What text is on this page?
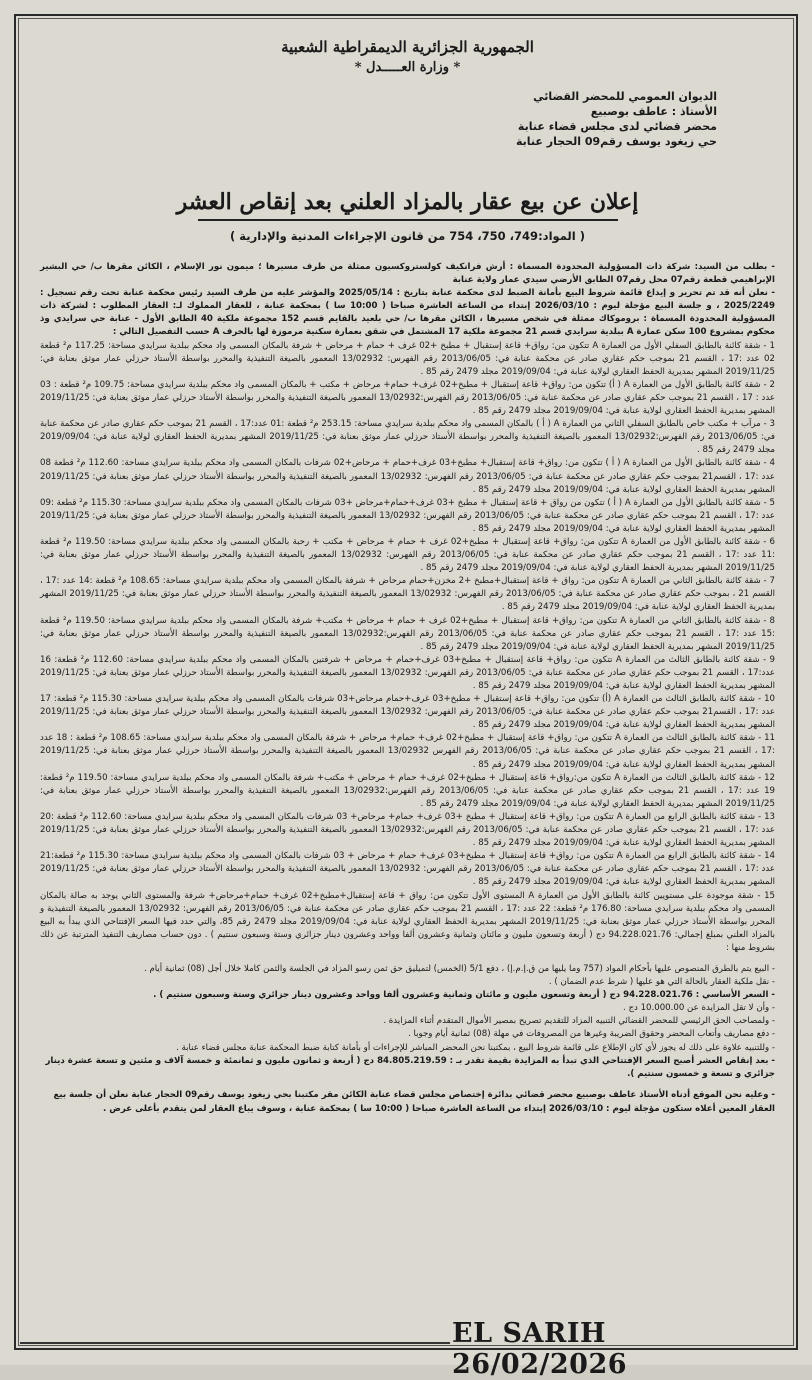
الجمهورية الجزائرية الديمقراطية الشعبية
* وزارة العـــــدل *
الديوان العمومي للمحضر القضائي
الأستاذ : عاطف بوصبيع
محضر قضائي لدى مجلس قضاء عنابة
حي زيغود يوسف رقم09 الحجار عنابة
إعلان عن بيع عقار بالمزاد العلني بعد إنقاص العشر
( المواد:749، 750، 754 من قانون الإجراءات المدنية والإدارية )

- بطلب من السيد: شركة ذات المسؤولية المحدودة المسماة : أرش فرانكيف كولستروكسيون ممثلة من طرف مسيرها ؛ ميمون نور الإسلام ، الكائن مقرها ب/ حي البشير الإبراهيمي قطعة رقم07 محل رقم07 الطابق الأرضي سيدي عمار ولاية عنابة

- نعلن أنه قد تم تحرير و إيداع قائمة شروط البيع بأمانة الضبط لدى محكمة عنابة بتاريخ : 2025/05/14 والمؤشر عليه من طرف السيد رئيس محكمة عنابة تحت رقم تسجيل : 2025/2249 ، و جلسة البيع مؤجلة ليوم : 2026/03/10 إبتداء من الساعة العاشرة صباحا ( 10:00 سا ) بمحكمة عنابة ، للعقار المملوك لـ: العقار المطلوب : لشركة ذات المسؤولية المحدودة المسماة : بروموكاك ممثلة في شخص مسيرها ، الكائن مقرها ب/ حي بلعيد بالقايم قسم 152 مجموعة ملكية 40 الطابق الأول - عنابة حي سرايدي وذ محكوم بمشروع 100 سكن عمارة A ببلدية سرايدي قسم 21 مجموعة ملكية 17 المشتمل في شقق بعمارة سكنية مرموزة لها بالحرف A حسب التفصيل التالي :

1 - شقة كائنة بالطابق السفلي الأول من العمارة A تتكون من: رواق+ قاعة إستقبال + مطبخ +02 غرف + حمام + مرحاض + شرفة بالمكان المسمى واد محكم ببلدية سرايدي مساحة: 117.25 م² قطعة 02 عدد :17 ، القسم 21 بموجب حكم عقاري صادر عن محكمة عنابة في: 2013/06/05 رقم الفهرس: 13/02932 المعمور بالصيغة التنفيذية والمحرر بواسطة الأستاذ حرزلي عمار موثق بعنابة في: 2019/11/25 المشهر بمديرية الحفظ العقاري لولاية عنابة في: 2019/09/04 مجلد 2479 رقم 85 .
2 - شقة كائنة بالطابق الأول من العمارة A ( أ) تتكون من: رواق+ قاعة إستقبال + مطبخ+02 غرف+ حمام+ مرحاض + مكتب + بالمكان المسمى واد محكم ببلدية سرايدي مساحة: 109.75 م² قطعة : 03 عدد : 17 ، القسم 21 بموجب حكم عقاري صادر عن محكمة عنابة في: 2013/06/05 رقم الفهرس:13/02932 المعمور بالصيغة التنفيذية والمحرر بواسطة الأستاذ حرزلي عمار موثق بعنابة في: 2019/11/25 المشهر بمديرية الحفظ العقاري لولاية عنابة في: 2019/09/04 مجلد 2479 رقم 85 .
3 - مرآب + مكتب خاص بالطابق السفلي الثاني من العمارة A ( أ ) بالمكان المسمى واد محكم ببلدية سرايدي مساحة: 253.15 م² قطعة :01 عدد:17 ، القسم 21 بموجب حكم عقاري صادر عن محكمة عنابة في: 2013/06/05 رقم الفهرس:13/02932 المعمور بالصيغة التنفيذية والمحرر بواسطة الأستاذ حرزلي عمار موثق بعنابة في: 2019/11/25 المشهر بمديرية الحفظ العقاري لولاية عنابة في: 2019/09/04 مجلد 2479 رقم 85 .
4 - شقة كائنة بالطابق الأول من العمارة A ( أ ) تتكون من: رواق+ قاعة إستقبال+ مطبخ+03 غرف+حمام + مرحاض+02 شرفات بالمكان المسمى واد محكم ببلدية سرايدي مساحة: 112.60 م² قطعة 08 عدد :17 ، القسم21 بموجب حكم عقاري صادر عن محكمة عنابة في: 2013/06/05 رقم الفهرس: 13/02932 المعمور بالصيغة التنفيذية والمحرر بواسطة الأستاذ حرزلي عمار موثق بعنابة في: 2019/11/25 المشهر بمديرية الحفظ العقاري لولاية عنابة في: 2019/09/04 مجلد 2479 رقم 85 .
5 - شقة كائنة بالطابق الأول من العمارة A ( أ ) تتكون من رواق + قاعة إستقبال + مطبخ +03 غرف+حمام+مرحاض +03 شرفات بالمكان المسمى واد محكم ببلدية سرايدي مساحة: 115.30 م² قطعة :09 عدد :17 ، القسم 21 بموجب حكم عقاري صادر عن محكمة عنابة في: 2013/06/05 رقم الفهرس: 13/02932 المعمور بالصيغة التنفيذية والمحرر بواسطة الأستاذ حرزلي عمار موثق بعنابة في: 2019/11/25 المشهر بمديرية الحفظ العقاري لولاية عنابة في: 2019/09/04 مجلد 2479 رقم 85 .
6 - شقة كائنة بالطابق الأول من العمارة A تتكون من: رواق+ قاعة إستقبال + مطبخ+02 غرف + حمام + مرحاض + مكتب + رحبة بالمكان المسمى واد محكم ببلدية سرايدي مساحة: 119.50 م² قطعة :11 عدد :17 ، القسم 21 بموجب حكم عقاري صادر عن محكمة عنابة في: 2013/06/05 رقم الفهرس: 13/02932 المعمور بالصيغة التنفيذية والمحرر بواسطة الأستاذ حرزلي عمار موثق بعنابة في: 2019/11/25 المشهر بمديرية الحفظ العقاري لولاية عنابة في: 2019/09/04 مجلد 2479 رقم 85 .
7 - شقة كائنة بالطابق الثاني من العمارة A تتكون من: رواق + قاعة إستقبال+مطبخ +2 مخزن+حمام مرحاض + شرفة بالمكان المسمى واد محكم ببلدية سرايدي مساحة: 108.65 م² قطعة :14 عدد :17 ، القسم 21 ، بموجب حكم عقاري صادر عن محكمة عنابة في: 2013/06/05 رقم الفهرس: 13/02932 المعمور بالصيغة التنفيذية والمحرر بواسطة الأستاذ حرزلي عمار موثق بعنابة في: 2019/11/25 المشهر بمديرية الحفظ العقاري لولاية عنابة في: 2019/09/04 مجلد 2479 رقم 85 .
8 - شقة كائنة بالطابق الثاني من العمارة A تتكون من: رواق+ قاعة إستقبال + مطبخ+02 غرف + حمام + مرحاض + مكتب+ شرفة بالمكان المسمى واد محكم ببلدية سرايدي مساحة: 119.50 م² قطعة :15 عدد :17 ، القسم 21 بموجب حكم عقاري صادر عن محكمة عنابة في: 2013/06/05 رقم الفهرس:13/02932 المعمور بالصيغة التنفيذية والمحرر بواسطة الأستاذ حرزلي عمار موثق بعنابة في: 2019/11/25 المشهر بمديرية الحفظ العقاري لولاية عنابة في: 2019/09/04 مجلد 2479 رقم 85 .
9 - شقة كائنة بالطابق الثالث من العمارة A تتكون من: رواق+ قاعة إستقبال + مطبخ+03 غرف+حمام + مرحاض + شرفتين بالمكان المسمى واد محكم ببلدية سرايدي مساحة: 112.60 م² قطعة: 16 عدد:17 ، القسم 21 بموجب حكم عقاري صادر عن محكمة عنابة في: 2013/06/05 رقم الفهرس: 13/02932 المعمور بالصيغة التنفيذية والمحرر بواسطة الأستاذ حرزلي عمار موثق بعنابة في: 2019/11/25 المشهر بمديرية الحفظ العقاري لولاية عنابة في: 2019/09/04 مجلد 2479 رقم 85 .
10 - شقة كائنة بالطابق الثالث من العمارة A (أ) تتكون من: رواق+ قاعة إستقبال + مطبخ+03 غرف+حمام مرحاض+03 شرفات بالمكان المسمى واد محكم ببلدية سرايدي مساحة: 115.30 م² قطعة: 17 عدد :17 ، القسم21 بموجب حكم عقاري صادر عن محكمة عنابة في: 2013/06/05 رقم الفهرس: 13/02932 المعمور بالصيغة التنفيذية والمحرر بواسطة الأستاذ حرزلي عمار موثق بعنابة في: 2019/11/25 المشهر بمديرية الحفظ العقاري لولاية عنابة في: 2019/09/04 مجلد 2479 رقم 85 .
11 - شقة كائنة بالطابق الثالث من العمارة A تتكون من: رواق+ قاعة إستقبال + مطبخ+02 غرف+ حمام+ مرحاض + شرفة بالمكان المسمى واد محكم ببلدية سرايدي مساحة: 108.65 م² قطعة : 18 عدد :17 ، القسم 21 بموجب حكم عقاري صادر عن محكمة عنابة في: 2013/06/05 رقم الفهرس 13/02932 المعمور بالصيغة التنفيذية والمحرر بواسطة الأستاذ حرزلي عمار موثق بعنابة في: 2019/11/25 المشهر بمديرية الحفظ العقاري لولاية عنابة في: 2019/09/04 مجلد 2479 رقم 85 .
12 - شقة كائنة بالطابق الثالث من العمارة A تتكون من:رواق+ قاعة إستقبال + مطبخ+02 غرف+ حمام + مرحاض + مكتب+ شرفة بالمكان المسمى واد محكم ببلدية سرايدي مساحة: 119.50 م² قطعة: 19 عدد :17 ، القسم 21 بموجب حكم عقاري صادر عن محكمة عنابة في: 2013/06/05 رقم الفهرس:13/02932 المعمور بالصيغة التنفيذية والمحرر بواسطة الأستاذ حرزلي عمار موثق بعنابة في: 2019/11/25 المشهر بمديرية الحفظ العقاري لولاية عنابة في: 2019/09/04 مجلد 2479 رقم 85 .
13 - شقة كائنة بالطابق الرابع من العمارة A تتكون من: رواق+ قاعة إستقبال + مطبخ +03 غرف+ حمام+ مرحاض+ 03 شرفات بالمكان المسمى واد محكم ببلدية سرايدي مساحة: 112.60 م² قطعة :20 عدد :17 ، القسم 21 بموجب حكم عقاري صادر عن محكمة عنابة في: 2013/06/05 رقم الفهرس:13/02932 المعمور بالصيغة التنفيذية والمحرر بواسطة الأستاذ حرزلي عمار موثق بعنابة في: 2019/11/25 المشهر بمديرية الحفظ العقاري لولاية عنابة في: 2019/09/04 مجلد 2479 رقم 85 .
14 - شقة كائنة بالطابق الرابع من العمارة A تتكون من: رواق+ قاعة إستقبال + مطبخ+03 غرف+ حمام + مرحاض + 03 شرفات بالمكان المسمى واد محكم ببلدية سرايدي مساحة: 115.30 م² قطعة:21 عدد :17 ، القسم 21 بموجب حكم عقاري صادر عن محكمة عنابة في: 2013/06/05 رقم الفهرس: 13/02932 المعمور بالصيغة التنفيذية والمحرر بواسطة الأستاذ حرزلي عمار موثق بعنابة في: 2019/11/25 المشهر بمديرية الحفظ العقاري لولاية عنابة في: 2019/09/04 مجلد 2479 رقم 85 .
15 - شقة موجودة على مستويين كائنة بالطابق الأول من العمارة A المستوى الأول تتكون من: رواق + قاعة إستقبال+مطبخ+02 غرف+ حمام+مرحاض+ شرفة والمستوى الثاني يوجد به صالة بالمكان المسمى واد محكم ببلدية سرايدي مساحة: 176.80 م² قطعة: 22 عدد :17 ، القسم 21 بموجب حكم عقاري صادر عن محكمة عنابة في: 2013/06/05 رقم الفهرس: 13/02932 المعمور بالصيغة التنفيذية و المحرر بواسطة الأستاذ حرزلي عمار موثق بعنابة في: 2019/11/25 المشهر بمديرية الحفظ العقاري لولاية عنابة في: 2019/09/04 مجلد 2479 رقم 85، والتي حدد فيها السعر الإفتتاحي الذي يبدأ به البيع بالمزاد العلني بمبلغ إجمالي: 94.228.021.76 دج ( أربعة وتسعون مليون و مائتان وثمانية وعشرون ألفا وواحد وعشرون دينار جزائري وستة وسبعون سنتيم ) . دون حساب مصاريف التنفيذ المترتبة عن ذلك بشروط منها :

- البيع يتم بالطرق المنصوص عليها بأحكام المواد (757 وما يليها من ق.إ.م.إ) ، دفع 5/1 (الخمس) لتميليق حق ثمن رسو المزاد في الجلسة والثمن كاملا خلال أجل (08) ثمانية أيام .

- نقل ملكية العقار بالحالة التي هو عليها ( شرط عدم الضمان ) .

- السعر الأساسي : 94.228.021.76 دج ( أربعة وتسعون مليون و مائتان وثمانية وعشرون ألفا وواحد وعشرون دينار جزائري وستة وسبعون سنتيم ) .

- وأن لا تقل المزايدة عن 10.000.00 دج .

- ولمصاحب الحق الرئيسي للمحضر القضائي التنبيه المزاد للتقديم تصريح بمصير الأموال المتقدم أثناء المزايدة .

- دفع مصاريف وأتعاب المحضر وحقوق الضريبة وغيرها من المصروفات في مهلة (08) ثمانية أيام وجوبا .

- وللتنبيه علاوة على ذلك له يجوز لأي كان الإطلاع على قائمة شروط البيع ، بمكتبنا نحن المحضر المباشر للإجراءات أو بأمانة كتابة ضبط المحكمة عنابة مجلس قضاء عنابة .

- بعد إنقاص العشر أصبح السعر الإفتتاحي الذي تبدأ به المزايدة بقيمة تقدر بـ : 84.805.219.59 دج ( أربعة و ثمانون مليون و ثمانمئة و خمسة آلاف و مئتين و تسعة عشرة دينار جزائري و تسعة و خمسون سنتيم ).

- وعليه نحن الموقع أدناه الأستاذ عاطف بوصبيع محضر قضائي بدائرة إختصاص مجلس قضاء عنابة الكائن مقر مكتبنا بحي زيغود يوسف رقم09 الحجار عنابة نعلن أن جلسة بيع العقار المعين أعلاه ستكون مؤجلة ليوم : 2026/03/10 إبتداء من الساعة العاشرة صباحا ( 10:00 سا ) بمحكمة عنابة ، وسوف يباع العقار لمن يتقدم بأعلى عرض .

EL SARIH 26/02/2026
